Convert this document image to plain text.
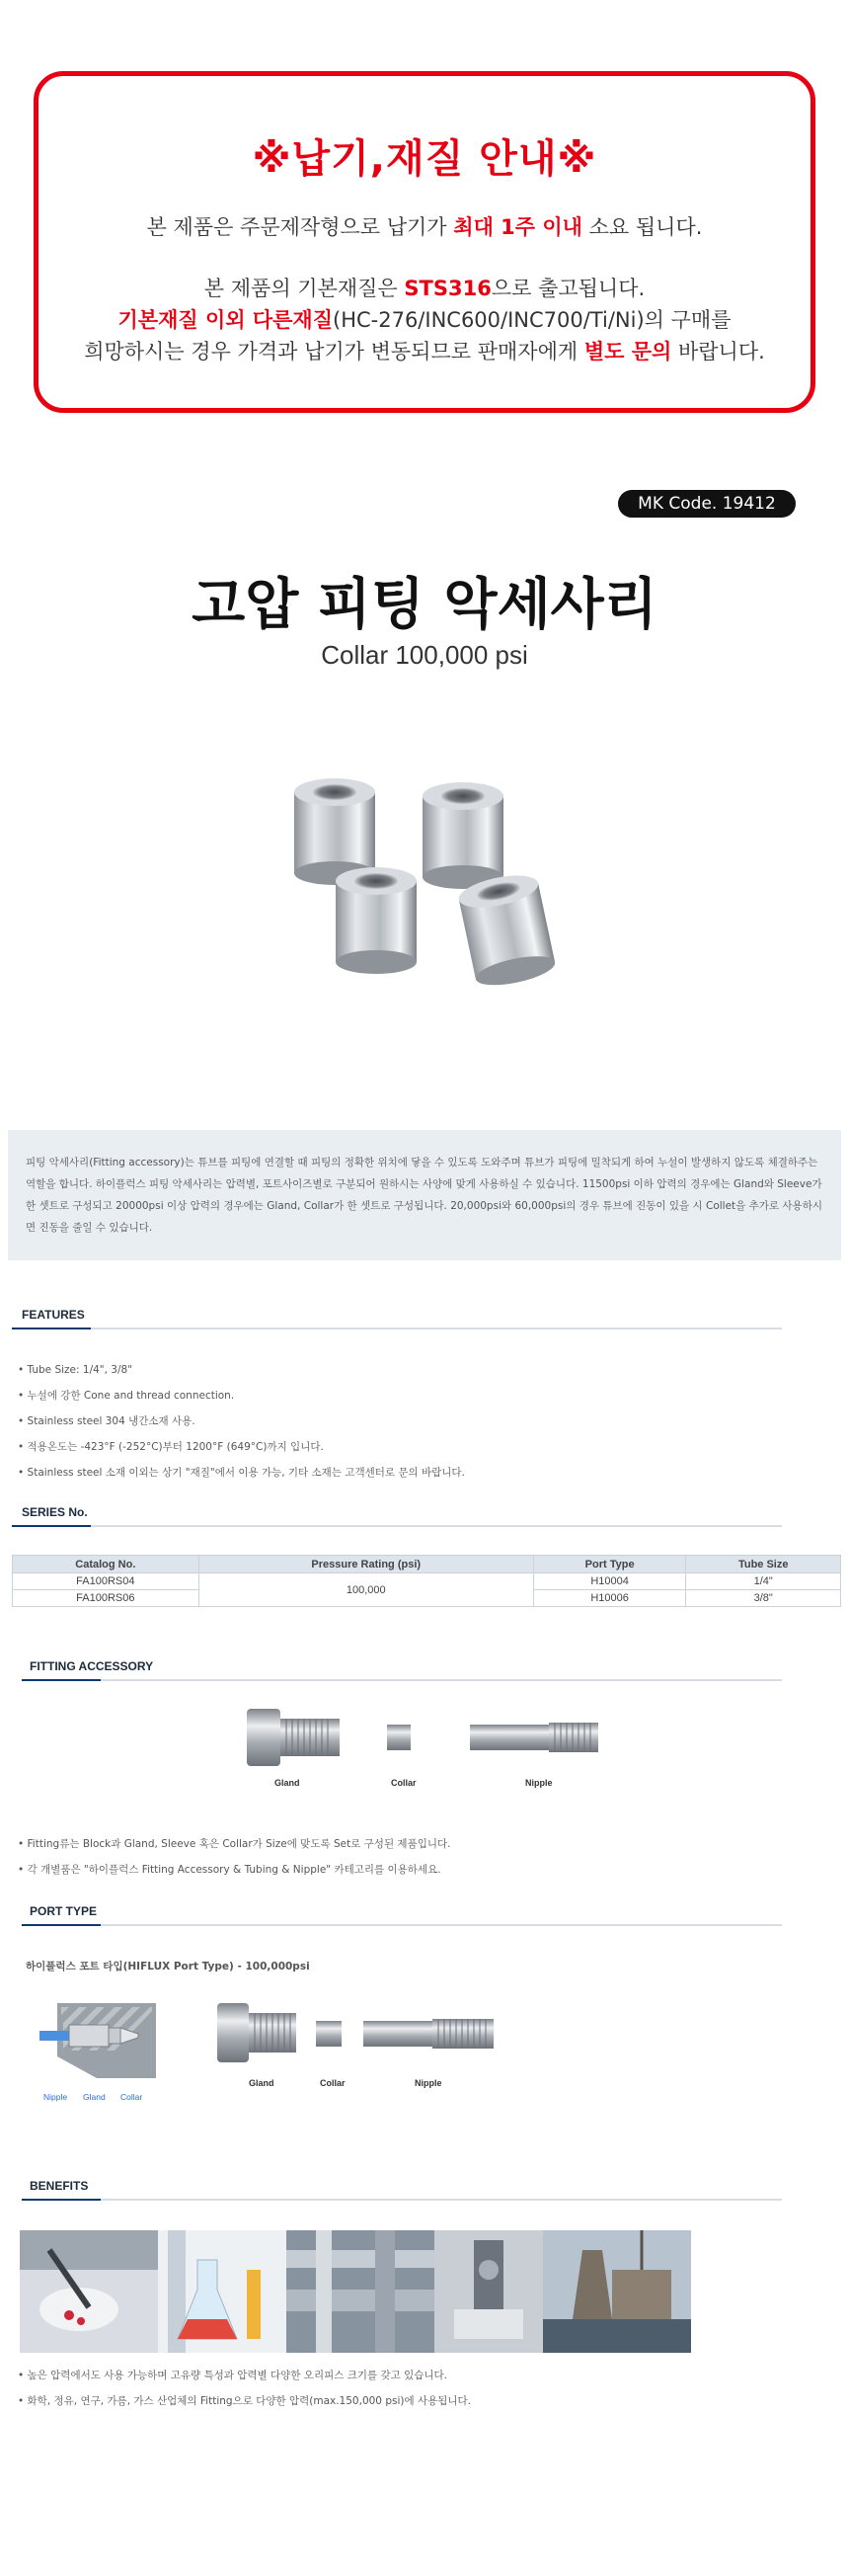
※납기,재질 안내※
본 제품은 주문제작형으로 납기가 최대 1주 이내 소요 됩니다.
본 제품의 기본재질은 STS316으로 출고됩니다.
기본재질 이외 다른재질(HC-276/INC600/INC700/Ti/Ni)의 구매를
희망하시는 경우 가격과 납기가 변동되므로 판매자에게 별도 문의 바랍니다.
MK Code. 19412
고압 피팅 악세사리
Collar 100,000 psi
피팅 악세사리(Fitting accessory)는 튜브를 피팅에 연결할 때 피팅의 정확한 위치에 닿을 수 있도록 도와주며 튜브가 피팅에 밀착되게 하여 누설이 발생하지 않도록 체결하주는 역할을 합니다. 하이플럭스 피팅 악세사리는 압력별, 포트사이즈별로 구분되어 원하시는 사양에 맞게 사용하실 수 있습니다. 11500psi 이하 압력의 경우에는 Gland와 Sleeve가 한 셋트로 구성되고 20000psi 이상 압력의 경우에는 Gland, Collar가 한 셋트로 구성됩니다. 20,000psi와 60,000psi의 경우 튜브에 진동이 있을 시 Collet을 추가로 사용하시면 진동을 줄일 수 있습니다.
FEATURES
• Tube Size: 1/4", 3/8"
• 누설에 강한 Cone and thread connection.
• Stainless steel 304 냉간소재 사용.
• 적용온도는 -423°F (-252°C)부터 1200°F (649°C)까지 입니다.
• Stainless steel 소재 이외는 상기 "재질"에서 이용 가능, 기타 소재는 고객센터로 문의 바랍니다.
SERIES No.
Catalog No.	Pressure Rating (psi)	Port Type	Tube Size
FA100RS04	100,000	H10004	1/4"
FA100RS06		H10006	3/8"
FITTING ACCESSORY
Gland	Collar	Nipple
• Fitting류는 Block과 Gland, Sleeve 혹은 Collar가 Size에 맞도록 Set로 구성된 제품입니다.
• 각 개별품은 "하이플럭스 Fitting Accessory & Tubing & Nipple" 카테고리를 이용하세요.
PORT TYPE
하이플럭스 포트 타입(HIFLUX Port Type) - 100,000psi
Nipple Gland Collar
Gland	Collar	Nipple
BENEFITS
• 높은 압력에서도 사용 가능하며 고유량 특성과 압력별 다양한 오리피스 크기를 갖고 있습니다.
• 화학, 정유, 연구, 가름, 가스 산업체의 Fitting으로 다양한 압력(max.150,000 psi)에 사용됩니다.
